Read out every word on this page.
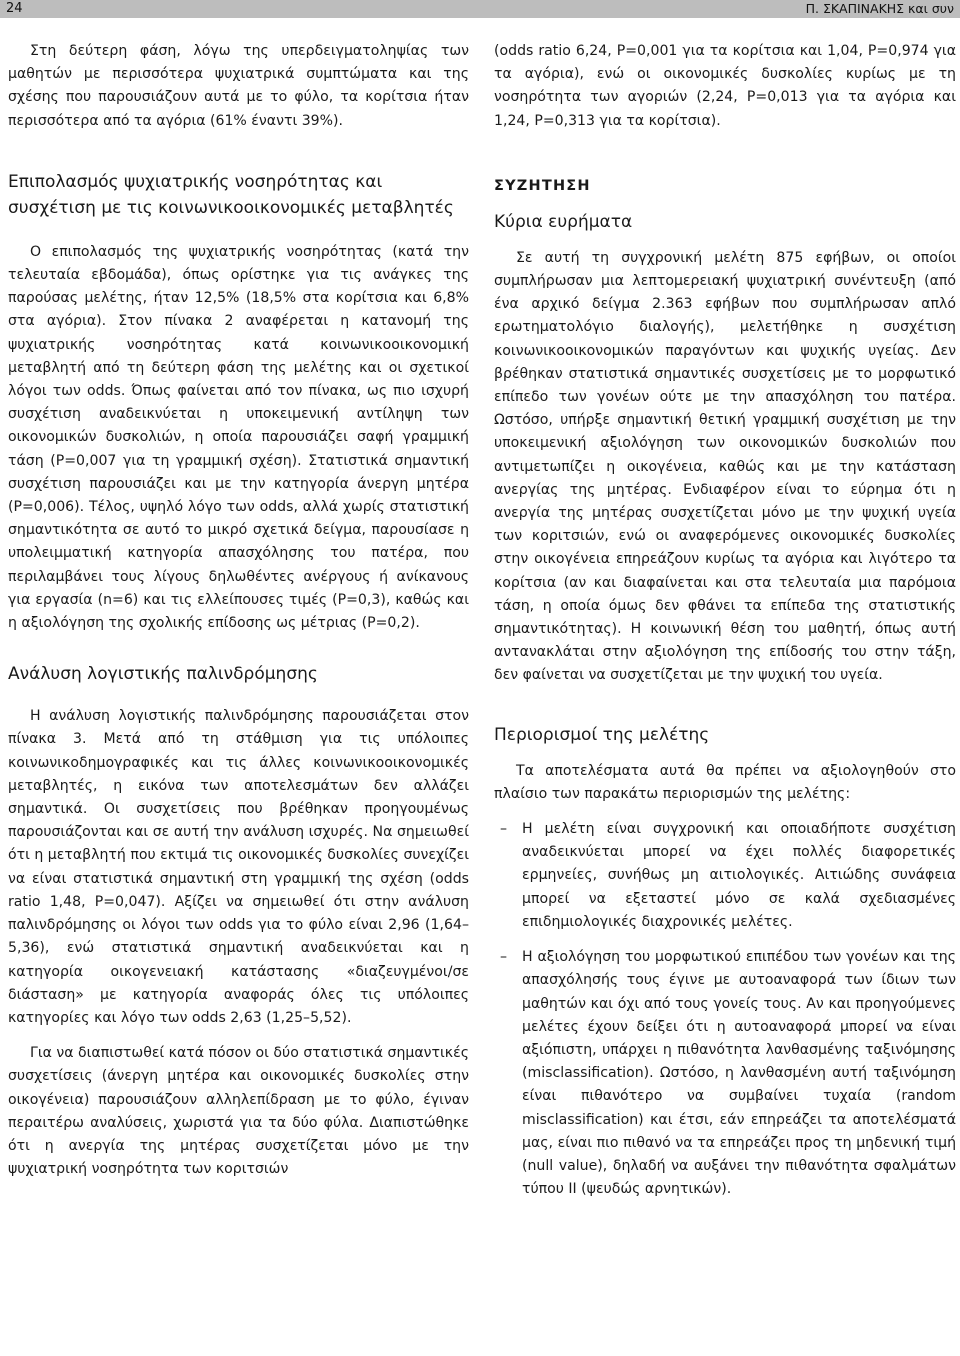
24	Π. ΣΚΑΠΙΝΑΚΗΣ και συν

Στη δεύτερη φάση, λόγω της υπερδειγματοληψίας των μαθητών με περισσότερα ψυχιατρικά συμπτώματα και της σχέσης που παρουσιάζουν αυτά με το φύλο, τα κορίτσια ήταν περισσότερα από τα αγόρια (61% έναντι 39%).

Επιπολασμός ψυχιατρικής νοσηρότητας και συσχέτιση με τις κοινωνικοοικονομικές μεταβλητές

Ο επιπολασμός της ψυχιατρικής νοσηρότητας (κατά την τελευταία εβδομάδα), όπως ορίστηκε για τις ανάγκες της παρούσας μελέτης, ήταν 12,5% (18,5% στα κορίτσια και 6,8% στα αγόρια). Στον πίνακα 2 αναφέρεται η κατανομή της ψυχιατρικής νοσηρότητας κατά κοινωνικοοικονομική μεταβλητή από τη δεύτερη φάση της μελέτης και οι σχετικοί λόγοι των odds. Όπως φαίνεται από τον πίνακα, ως πιο ισχυρή συσχέτιση αναδεικνύεται η υποκειμενική αντίληψη των οικονομικών δυσκολιών, η οποία παρουσιάζει σαφή γραμμική τάση (P=0,007 για τη γραμμική σχέση). Στατιστικά σημαντική συσχέτιση παρουσιάζει και με την κατηγορία άνεργη μητέρα (P=0,006). Τέλος, υψηλό λόγο των odds, αλλά χωρίς στατιστική σημαντικότητα σε αυτό το μικρό σχετικά δείγμα, παρουσίασε η υπολειμματική κατηγορία απασχόλησης του πατέρα, που περιλαμβάνει τους λίγους δηλωθέντες ανέργους ή ανίκανους για εργασία (n=6) και τις ελλείπουσες τιμές (P=0,3), καθώς και η αξιολόγηση της σχολικής επίδοσης ως μέτριας (P=0,2).

Ανάλυση λογιστικής παλινδρόμησης

Η ανάλυση λογιστικής παλινδρόμησης παρουσιάζεται στον πίνακα 3. Μετά από τη στάθμιση για τις υπόλοιπες κοινωνικοδημογραφικές και τις άλλες κοινωνικοοικονομικές μεταβλητές, η εικόνα των αποτελεσμάτων δεν αλλάζει σημαντικά. Οι συσχετίσεις που βρέθηκαν προηγουμένως παρουσιάζονται και σε αυτή την ανάλυση ισχυρές. Να σημειωθεί ότι η μεταβλητή που εκτιμά τις οικονομικές δυσκολίες συνεχίζει να είναι στατιστικά σημαντική στη γραμμική της σχέση (odds ratio 1,48, P=0,047). Αξίζει να σημειωθεί ότι στην ανάλυση παλινδρόμησης οι λόγοι των odds για το φύλο είναι 2,96 (1,64–5,36), ενώ στατιστικά σημαντική αναδεικνύεται και η κατηγορία οικογενειακή κατάστασης «διαζευγμένοι/σε διάσταση» με κατηγορία αναφοράς όλες τις υπόλοιπες κατηγορίες και λόγο των odds 2,63 (1,25–5,52).

Για να διαπιστωθεί κατά πόσον οι δύο στατιστικά σημαντικές συσχετίσεις (άνεργη μητέρα και οικονομικές δυσκολίες στην οικογένεια) παρουσιάζουν αλληλεπίδραση με το φύλο, έγιναν περαιτέρω αναλύσεις, χωριστά για τα δύο φύλα. Διαπιστώθηκε ότι η ανεργία της μητέρας συσχετίζεται μόνο με την ψυχιατρική νοσηρότητα των κοριτσιών

(odds ratio 6,24, P=0,001 για τα κορίτσια και 1,04, P=0,974 για τα αγόρια), ενώ οι οικονομικές δυσκολίες κυρίως με τη νοσηρότητα των αγοριών (2,24, P=0,013 για τα αγόρια και 1,24, P=0,313 για τα κορίτσια).

ΣΥΖΗΤΗΣΗ
Κύρια ευρήματα

Σε αυτή τη συγχρονική μελέτη 875 εφήβων, οι οποίοι συμπλήρωσαν μια λεπτομερειακή ψυχιατρική συνέντευξη (από ένα αρχικό δείγμα 2.363 εφήβων που συμπλήρωσαν απλό ερωτηματολόγιο διαλογής), μελετήθηκε η συσχέτιση κοινωνικοοικονομικών παραγόντων και ψυχικής υγείας. Δεν βρέθηκαν στατιστικά σημαντικές συσχετίσεις με το μορφωτικό επίπεδο των γονέων ούτε με την απασχόληση του πατέρα. Ωστόσο, υπήρξε σημαντική θετική γραμμική συσχέτιση με την υποκειμενική αξιολόγηση των οικονομικών δυσκολιών που αντιμετωπίζει η οικογένεια, καθώς και με την κατάσταση ανεργίας της μητέρας. Ενδιαφέρον είναι το εύρημα ότι η ανεργία της μητέρας συσχετίζεται μόνο με την ψυχική υγεία των κοριτσιών, ενώ οι αναφερόμενες οικονομικές δυσκολίες στην οικογένεια επηρεάζουν κυρίως τα αγόρια και λιγότερο τα κορίτσια (αν και διαφαίνεται και στα τελευταία μια παρόμοια τάση, η οποία όμως δεν φθάνει τα επίπεδα της στατιστικής σημαντικότητας). Η κοινωνική θέση του μαθητή, όπως αυτή αντανακλάται στην αξιολόγηση της επίδοσής του στην τάξη, δεν φαίνεται να συσχετίζεται με την ψυχική του υγεία.

Περιορισμοί της μελέτης

Τα αποτελέσματα αυτά θα πρέπει να αξιολογηθούν στο πλαίσιο των παρακάτω περιορισμών της μελέτης:

– Η μελέτη είναι συγχρονική και οποιαδήποτε συσχέτιση αναδεικνύεται μπορεί να έχει πολλές διαφορετικές ερμηνείες, συνήθως μη αιτιολογικές. Αιτιώδης συνάφεια μπορεί να εξεταστεί μόνο σε καλά σχεδιασμένες επιδημιολογικές διαχρονικές μελέτες.
– Η αξιολόγηση του μορφωτικού επιπέδου των γονέων και της απασχόλησής τους έγινε με αυτοαναφορά των ίδιων των μαθητών και όχι από τους γονείς τους. Αν και προηγούμενες μελέτες έχουν δείξει ότι η αυτοαναφορά μπορεί να είναι αξιόπιστη, υπάρχει η πιθανότητα λανθασμένης ταξινόμησης (misclassification). Ωστόσο, η λανθασμένη αυτή ταξινόμηση είναι πιθανότερο να συμβαίνει τυχαία (random misclassification) και έτσι, εάν επηρεάζει τα αποτελέσματά μας, είναι πιο πιθανό να τα επηρεάζει προς τη μηδενική τιμή (null value), δηλαδή να αυξάνει την πιθανότητα σφαλμάτων τύπου II (ψευδώς αρνητικών).
